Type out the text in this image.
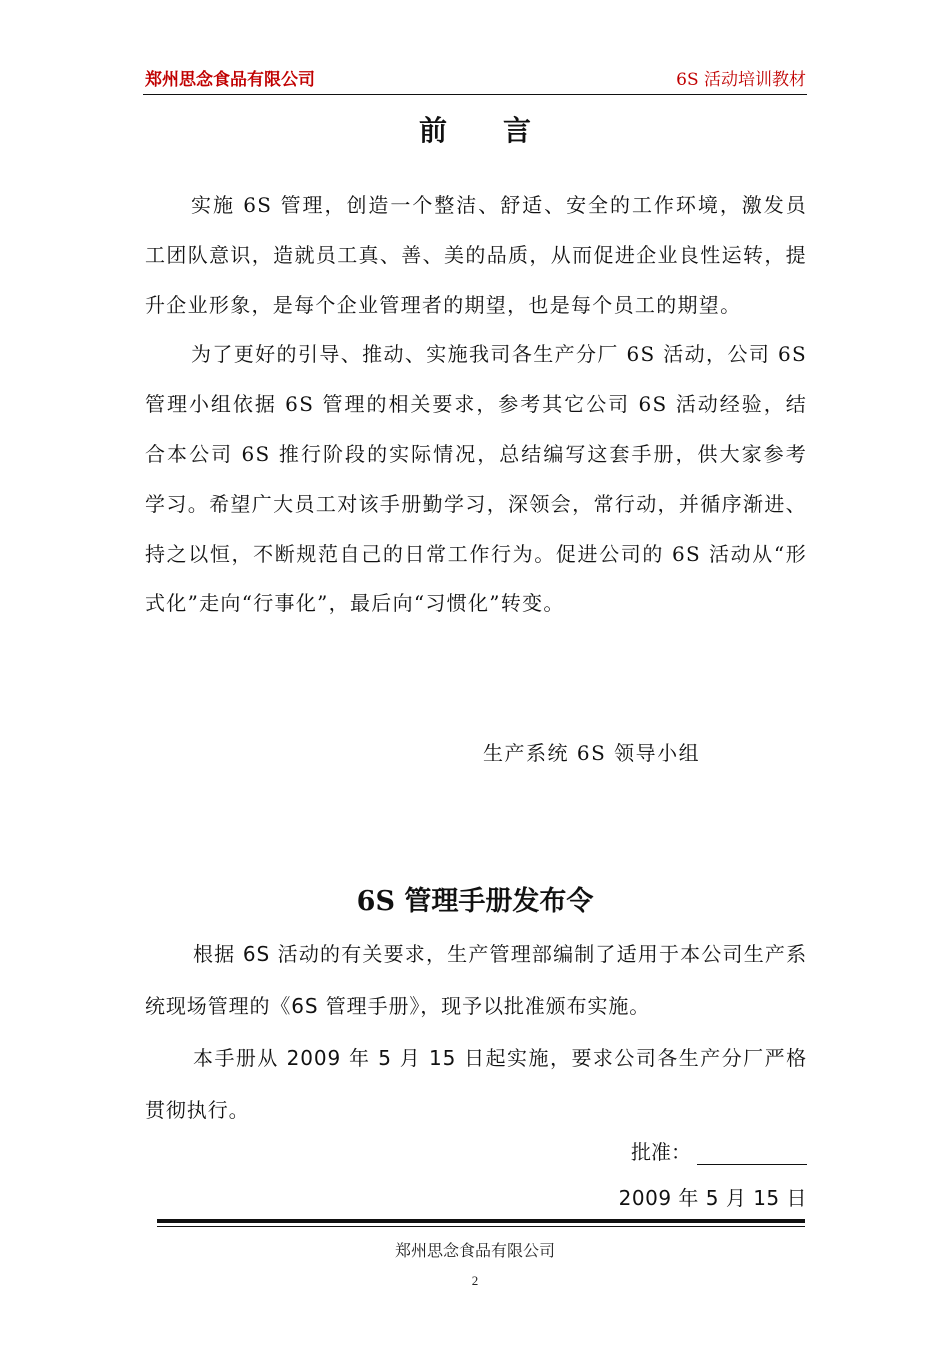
郑州思念食品有限公司	6S 活动培训教材
前言

实施 6S 管理，创造一个整洁、舒适、安全的工作环境，激发员工团队意识，造就员工真、善、美的品质，从而促进企业良性运转，提升企业形象，是每个企业管理者的期望，也是每个员工的期望。

为了更好的引导、推动、实施我司各生产分厂 6S 活动，公司 6S 管理小组依据 6S 管理的相关要求，参考其它公司 6S 活动经验，结合本公司 6S 推行阶段的实际情况，总结编写这套手册，供大家参考学习。希望广大员工对该手册勤学习，深领会，常行动，并循序渐进、持之以恒，不断规范自己的日常工作行为。促进公司的 6S 活动从“形式化”走向“行事化”，最后向“习惯化”转变。

生产系统 6S 领导小组
6S 管理手册发布令

根据 6S 活动的有关要求，生产管理部编制了适用于本公司生产系统现场管理的《6S 管理手册》，现予以批准颁布实施。

本手册从 2009 年 5 月 15 日起实施，要求公司各生产分厂严格贯彻执行。

批准：
2009 年 5 月 15 日
郑州思念食品有限公司
2
